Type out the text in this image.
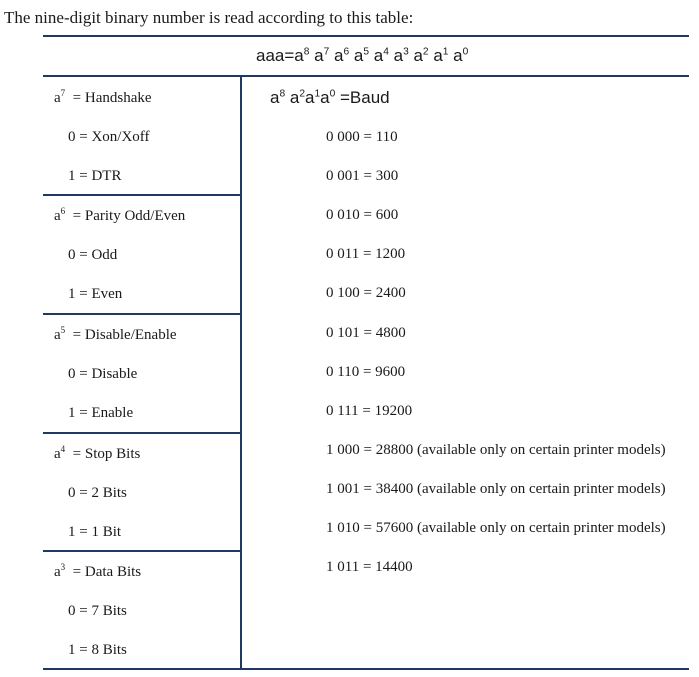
The nine-digit binary number is read according to this table:
$aaa=a^8$ $a^7$ $a^6$ $a^5$ $a^4$ $a^3$ $a^2$ $a^1$ $a^0$
$a^7$  = Handshake
0 = Xon/Xoff
1 = DTR
$a^6$  = Parity Odd/Even
0 = Odd
1 = Even
$a^5$  = Disable/Enable
0 = Disable
1 = Enable
$a^4$  = Stop Bits
0 = 2 Bits
1 = 1 Bit
$a^3$  = Data Bits
0 = 7 Bits
1 = 8 Bits
$a^8$ $a^2a^1a^0$ =Baud
0 000 = 110
0 001 = 300
0 010 = 600
0 011 = 1200
0 100 = 2400
0 101 = 4800
0 110 = 9600
0 111 = 19200
1 000 = 28800 (available only on certain printer models)
1 001 = 38400 (available only on certain printer models)
1 010 = 57600 (available only on certain printer models)
1 011 = 14400
